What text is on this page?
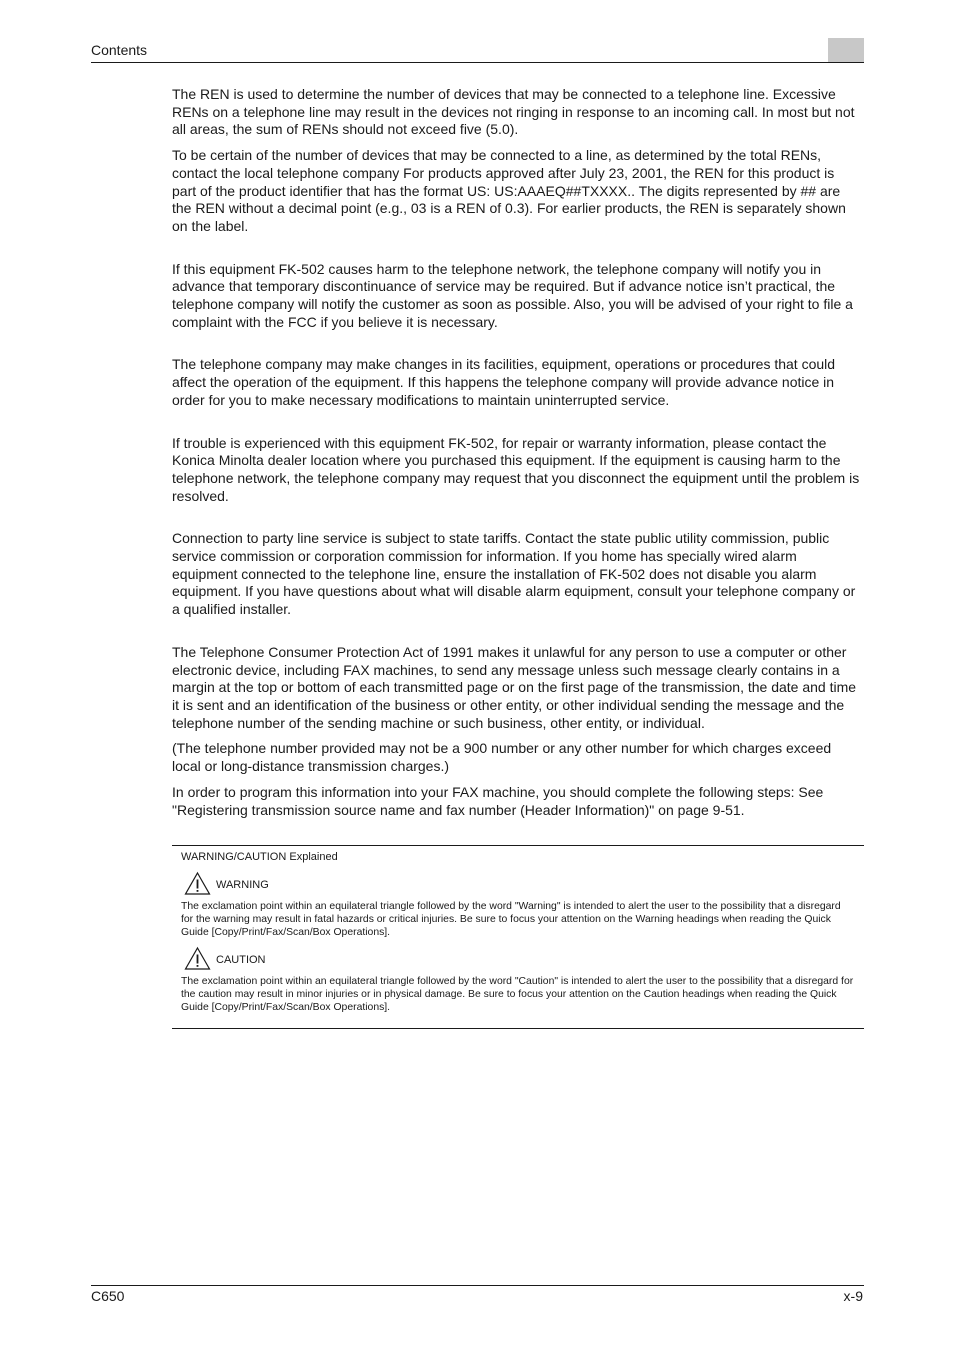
Contents

The REN is used to determine the number of devices that may be connected to a telephone line. Excessive RENs on a telephone line may result in the devices not ringing in response to an incoming call. In most but not all areas, the sum of RENs should not exceed five (5.0).

To be certain of the number of devices that may be connected to a line, as determined by the total RENs, contact the local telephone company For products approved after July 23, 2001, the REN for this product is part of the product identifier that has the format US: US:AAAEQ##TXXXX.. The digits represented by ## are the REN without a decimal point (e.g., 03 is a REN of 0.3). For earlier products, the REN is separately shown on the label.

If this equipment FK-502 causes harm to the telephone network, the telephone company will notify you in advance that temporary discontinuance of service may be required. But if advance notice isn’t practical, the telephone company will notify the customer as soon as possible. Also, you will be advised of your right to file a complaint with the FCC if you believe it is necessary.

The telephone company may make changes in its facilities, equipment, operations or procedures that could affect the operation of the equipment. If this happens the telephone company will provide advance notice in order for you to make necessary modifications to maintain uninterrupted service.

If trouble is experienced with this equipment FK-502, for repair or warranty information, please contact the Konica Minolta dealer location where you purchased this equipment. If the equipment is causing harm to the telephone network, the telephone company may request that you disconnect the equipment until the problem is resolved.

Connection to party line service is subject to state tariffs. Contact the state public utility commission, public service commission or corporation commission for information. If you home has specially wired alarm equipment connected to the telephone line, ensure the installation of FK-502 does not disable you alarm equipment. If you have questions about what will disable alarm equipment, consult your telephone company or a qualified installer.

The Telephone Consumer Protection Act of 1991 makes it unlawful for any person to use a computer or other electronic device, including FAX machines, to send any message unless such message clearly contains in a margin at the top or bottom of each transmitted page or on the first page of the transmission, the date and time it is sent and an identification of the business or other entity, or other individual sending the message and the telephone number of the sending machine or such business, other entity, or individual.

(The telephone number provided may not be a 900 number or any other number for which charges exceed local or long-distance transmission charges.)

In order to program this information into your FAX machine, you should complete the following steps: See "Registering transmission source name and fax number (Header Information)" on page 9-51.

WARNING/CAUTION Explained

WARNING

The exclamation point within an equilateral triangle followed by the word "Warning" is intended to alert the user to the possibility that a disregard for the warning may result in fatal hazards or critical injuries. Be sure to focus your attention on the Warning headings when reading the Quick Guide [Copy/Print/Fax/Scan/Box Operations].

CAUTION

The exclamation point within an equilateral triangle followed by the word "Caution" is intended to alert the user to the possibility that a disregard for the caution may result in minor injuries or in physical damage. Be sure to focus your attention on the Caution headings when reading the Quick Guide [Copy/Print/Fax/Scan/Box Operations].

C650	x-9
